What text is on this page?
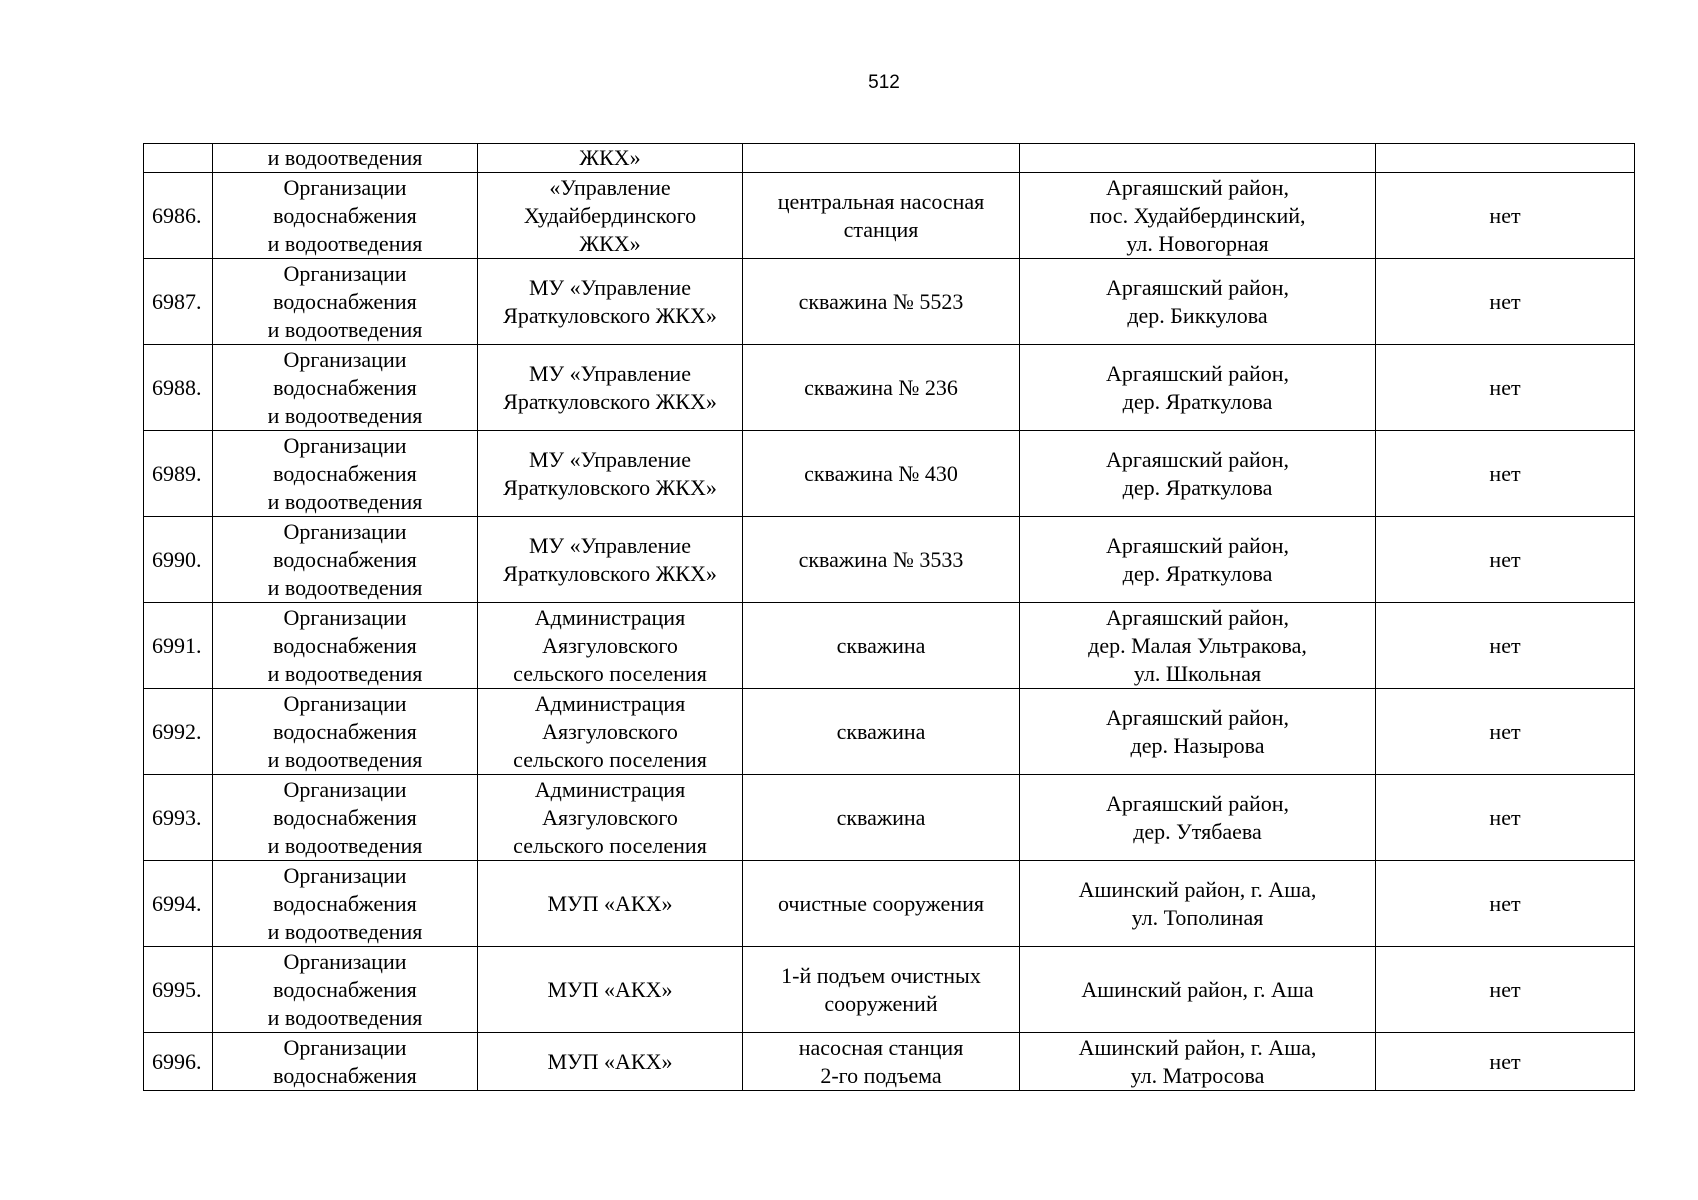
512

	и водоотведения	ЖКХ»			

6986.	Организации
водоснабжения
и водоотведения	«Управление
Худайбердинского
ЖКХ»	центральная насосная
станция	Аргаяшский район,
пос. Худайбердинский,
ул. Новогорная	нет
6987.	Организации
водоснабжения
и водоотведения	МУ «Управление
Яраткуловского ЖКХ»	скважина № 5523	Аргаяшский район,
дер. Биккулова	нет
6988.	Организации
водоснабжения
и водоотведения	МУ «Управление
Яраткуловского ЖКХ»	скважина № 236	Аргаяшский район,
дер. Яраткулова	нет
6989.	Организации
водоснабжения
и водоотведения	МУ «Управление
Яраткуловского ЖКХ»	скважина № 430	Аргаяшский район,
дер. Яраткулова	нет
6990.	Организации
водоснабжения
и водоотведения	МУ «Управление
Яраткуловского ЖКХ»	скважина № 3533	Аргаяшский район,
дер. Яраткулова	нет
6991.	Организации
водоснабжения
и водоотведения	Администрация
Аязгуловского
сельского поселения	скважина	Аргаяшский район,
дер. Малая Ультракова,
ул. Школьная	нет
6992.	Организации
водоснабжения
и водоотведения	Администрация
Аязгуловского
сельского поселения	скважина	Аргаяшский район,
дер. Назырова	нет
6993.	Организации
водоснабжения
и водоотведения	Администрация
Аязгуловского
сельского поселения	скважина	Аргаяшский район,
дер. Утябаева	нет
6994.	Организации
водоснабжения
и водоотведения	МУП «АКХ»	очистные сооружения	Ашинский район, г. Аша,
ул. Тополиная	нет
6995.	Организации
водоснабжения
и водоотведения	МУП «АКХ»	1-й подъем очистных
сооружений	Ашинский район, г. Аша	нет
6996.	Организации
водоснабжения	МУП «АКХ»	насосная станция
2-го подъема	Ашинский район, г. Аша,
ул. Матросова	нет
